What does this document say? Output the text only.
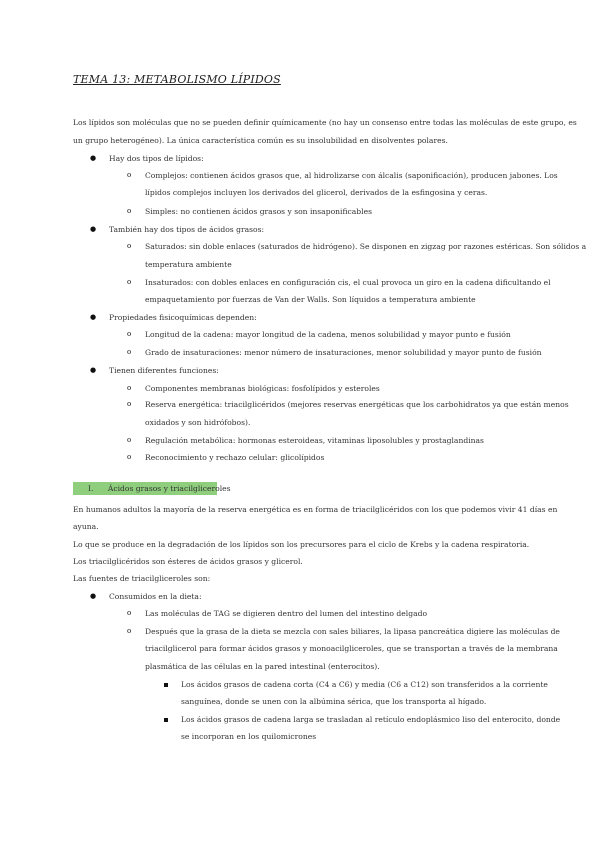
TEMA 13: METABOLISMO LÍPIDOS
Los lípidos son moléculas que no se pueden definir químicamente (no hay un consenso entre todas las moléculas de este grupo, es
un grupo heterogéneo). La única característica común es su insolubilidad en disolventes polares.
● Hay dos tipos de lípidos:
o Complejos: contienen ácidos grasos que, al hidrolizarse con álcalis (saponificación), producen jabones. Los
lípidos complejos incluyen los derivados del glicerol, derivados de la esfingosina y ceras.
o Simples: no contienen ácidos grasos y son insaponificables
● También hay dos tipos de ácidos grasos:
o Saturados: sin doble enlaces (saturados de hidrógeno). Se disponen en zigzag por razones estéricas. Son sólidos a
temperatura ambiente
o Insaturados: con dobles enlaces en configuración cis, el cual provoca un giro en la cadena dificultando el
empaquetamiento por fuerzas de Van der Walls. Son líquidos a temperatura ambiente
● Propiedades fisicoquímicas dependen:
o Longitud de la cadena: mayor longitud de la cadena, menos solubilidad y mayor punto e fusión
o Grado de insaturaciones: menor número de insaturaciones, menor solubilidad y mayor punto de fusión
● Tienen diferentes funciones:
o Componentes membranas biológicas: fosfolípidos y esteroles
o Reserva energética: triacilglicéridos (mejores reservas energéticas que los carbohidratos ya que están menos
oxidados y son hidrófobos).
o Regulación metabólica: hormonas esteroideas, vitaminas liposolubles y prostaglandinas
o Reconocimiento y rechazo celular: glicolípidos
I.      Ácidos grasos y triacilgliceroles
En humanos adultos la mayoría de la reserva energética es en forma de triacilglicéridos con los que podemos vivir 41 días en
ayuna.
Lo que se produce en la degradación de los lípidos son los precursores para el ciclo de Krebs y la cadena respiratoria.
Los triacilglicéridos son ésteres de ácidos grasos y glicerol.
Las fuentes de triacilgliceroles son:
● Consumidos en la dieta:
o Las moléculas de TAG se digieren dentro del lumen del intestino delgado
o Después que la grasa de la dieta se mezcla con sales biliares, la lipasa pancreática digiere las moléculas de
triacilglicerol para formar ácidos grasos y monoacilgliceroles, que se transportan a través de la membrana
plasmática de las células en la pared intestinal (enterocitos).
Los ácidos grasos de cadena corta (C4 a C6) y media (C6 a C12) son transferidos a la corriente
sanguínea, donde se unen con la albúmina sérica, que los transporta al hígado.
Los ácidos grasos de cadena larga se trasladan al retículo endoplásmico liso del enterocito, donde
se incorporan en los quilomicrones
